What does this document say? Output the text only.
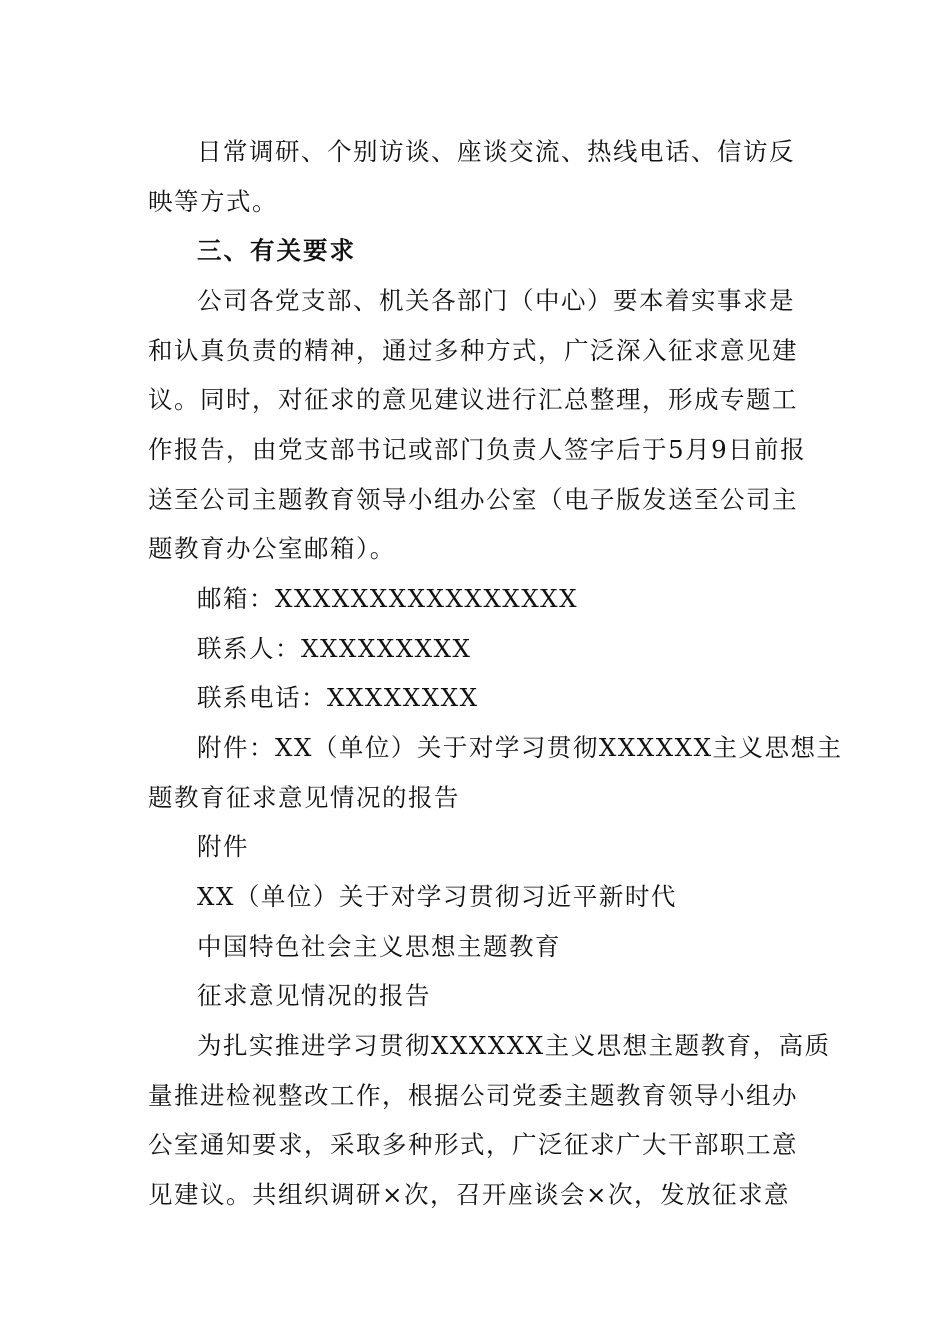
日常调研、个别访谈、座谈交流、热线电话、信访反
映等方式。
三、有关要求
公司各党支部、机关各部门（中心）要本着实事求是
和认真负责的精神，通过多种方式，广泛深入征求意见建
议。同时，对征求的意见建议进行汇总整理，形成专题工
作报告，由党支部书记或部门负责人签字后于5月9日前报
送至公司主题教育领导小组办公室（电子版发送至公司主
题教育办公室邮箱）。
邮箱：XXXXXXXXXXXXXXXX
联系人：XXXXXXXXX
联系电话：XXXXXXXX
附件：XX（单位）关于对学习贯彻XXXXXX主义思想主
题教育征求意见情况的报告
附件
XX（单位）关于对学习贯彻习近平新时代
中国特色社会主义思想主题教育
征求意见情况的报告
为扎实推进学习贯彻XXXXXX主义思想主题教育，高质
量推进检视整改工作，根据公司党委主题教育领导小组办
公室通知要求，采取多种形式，广泛征求广大干部职工意
见建议。共组织调研×次，召开座谈会×次，发放征求意
